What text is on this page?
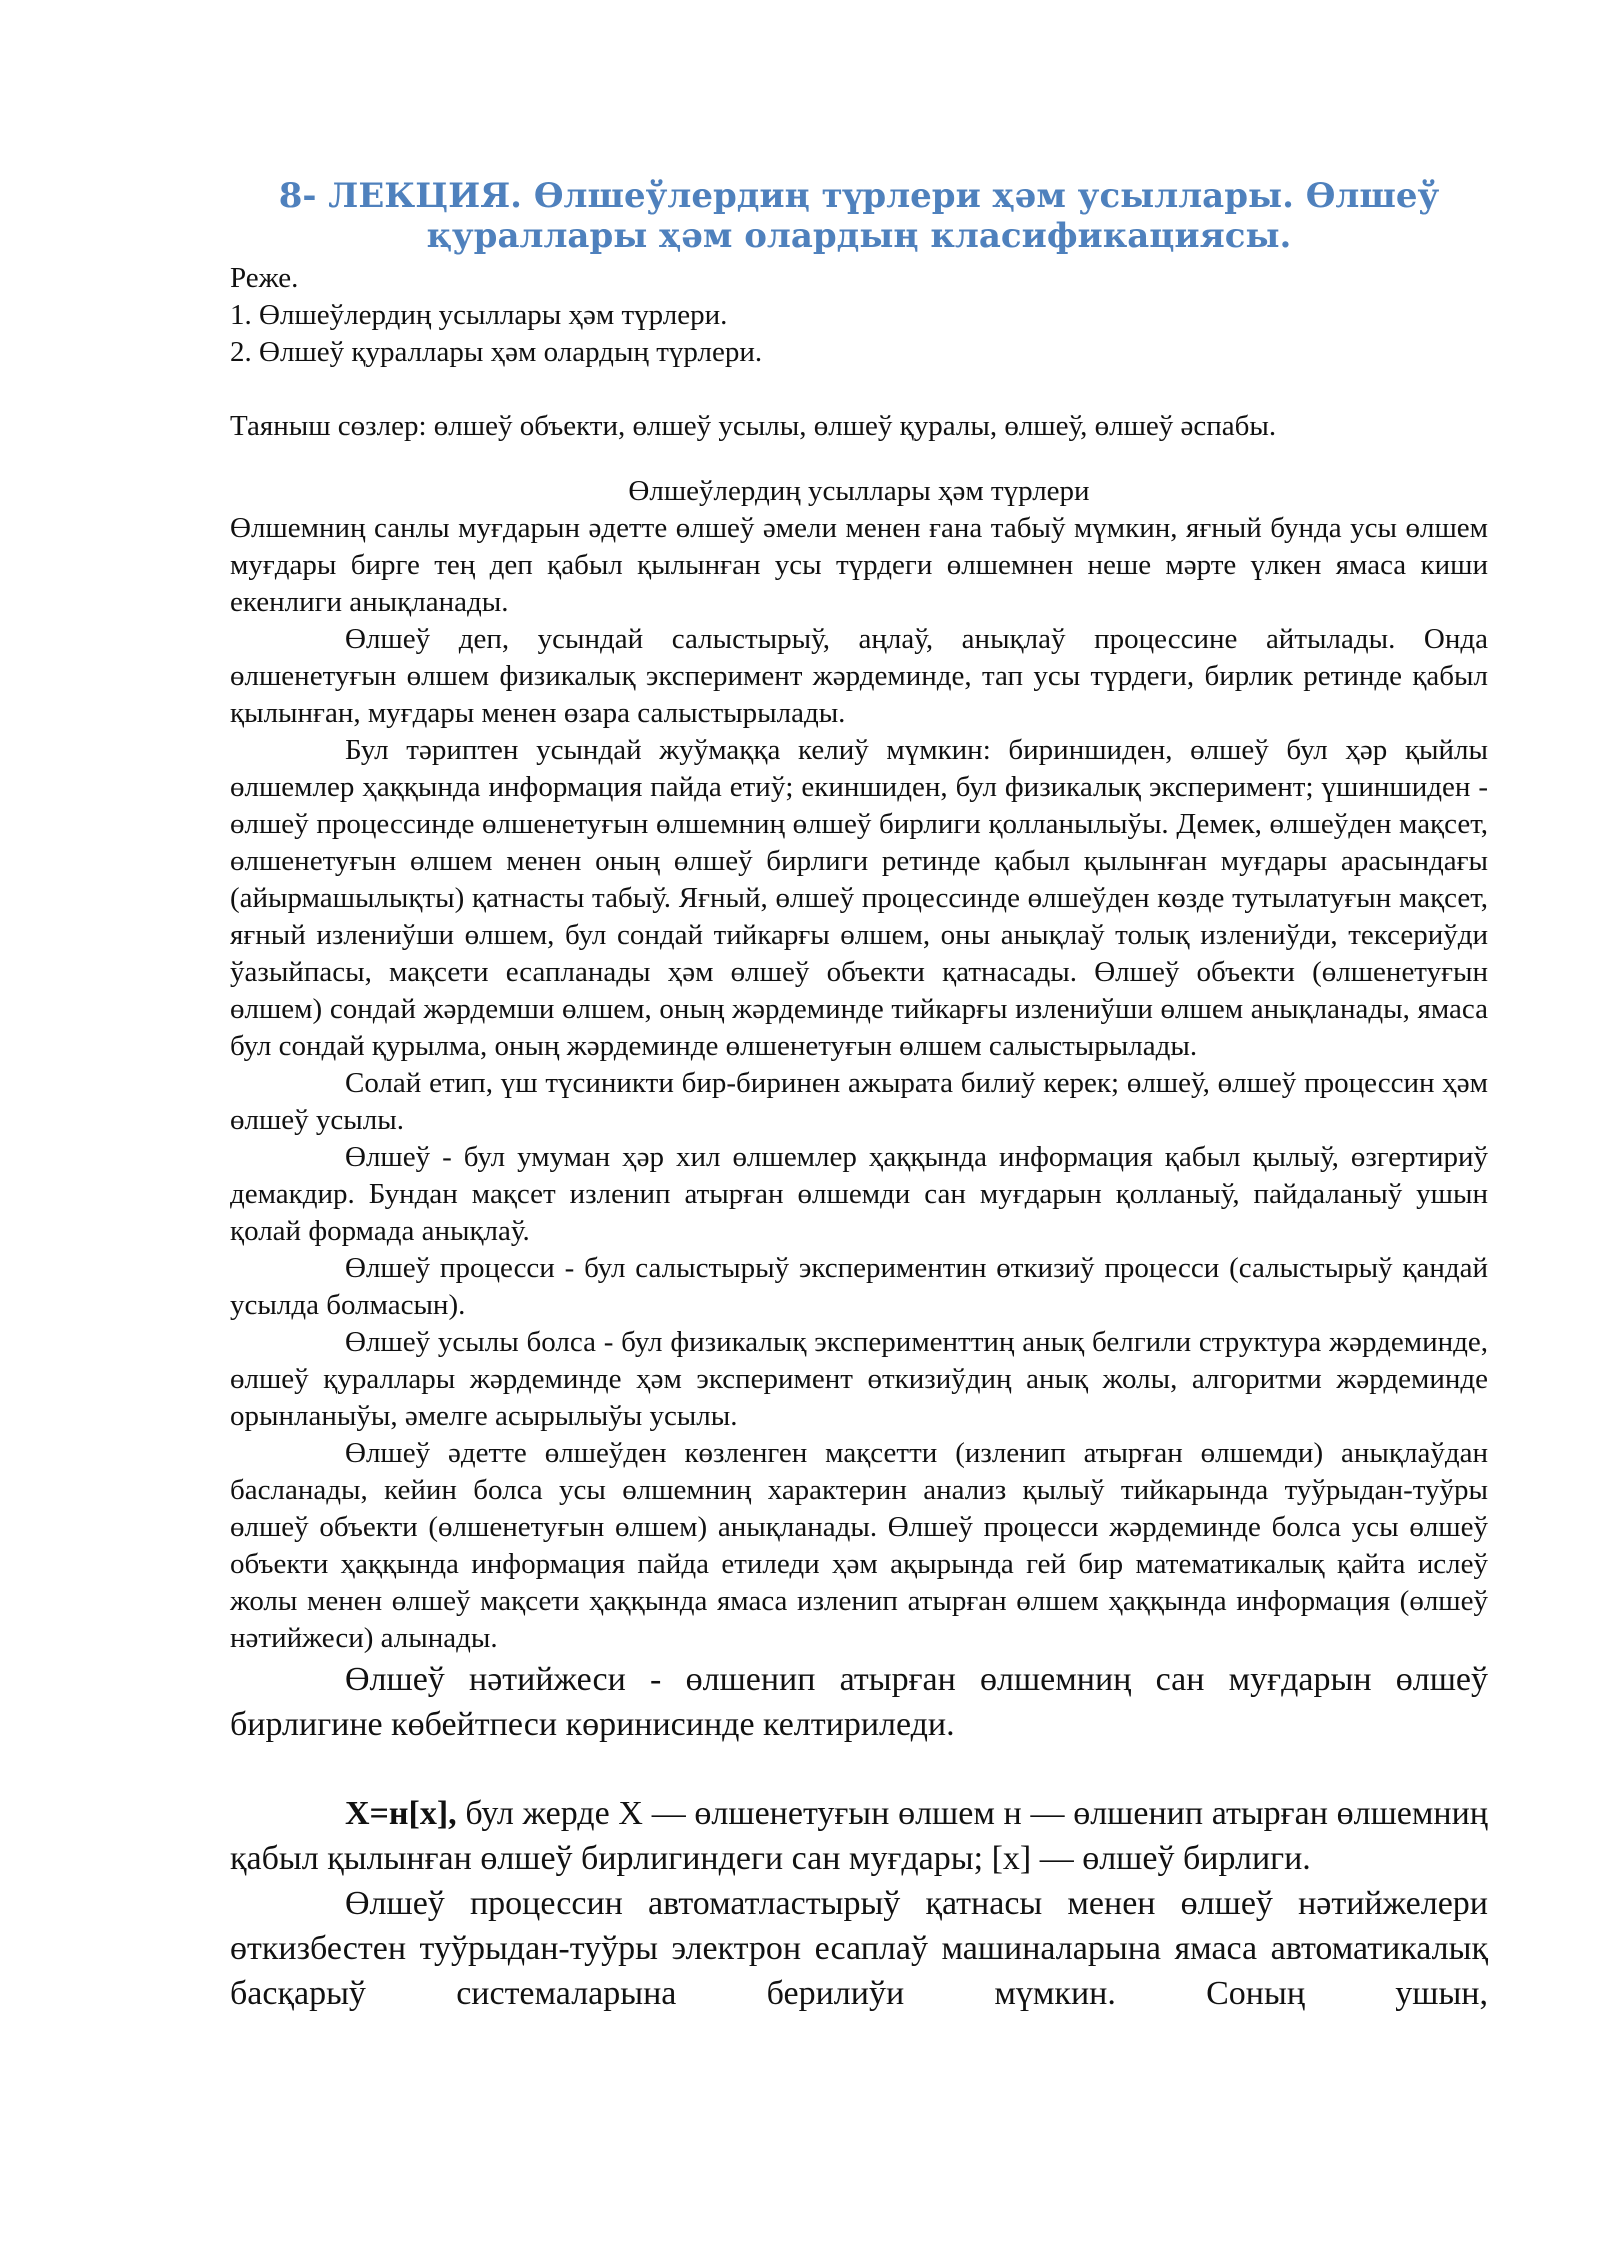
8- ЛЕКЦИЯ. Өлшеўлердиң түрлери ҳәм усыллары. Өлшеў
қураллары ҳәм олардың класификациясы.
Реже.
1. Өлшеўлердиң усыллары ҳәм түрлери.
2. Өлшеў қураллары ҳәм олардың түрлери.

Таяныш сөзлер: өлшеў объекти, өлшеў усылы, өлшеў қуралы, өлшеў, өлшеў әспабы.

Өлшеўлердиң усыллары ҳәм түрлери

Өлшемниң санлы муғдарын әдетте өлшеў әмели менен ғана табыў мүмкин, яғный бунда усы өлшем муғдары бирге тең деп қабыл қылынған усы түрдеги өлшемнен неше мәрте үлкен ямаса киши екенлиги анықланады.

Өлшеў деп, усындай салыстырыў, аңлаў, анықлаў процессине айтылады. Онда өлшенетуғын өлшем физикалық эксперимент жәрдеминде, тап усы түрдеги, бирлик ретинде қабыл қылынған, муғдары менен өзара салыстырылады.

Бул тәриптен усындай жуўмаққа келиў мүмкин: бириншиден, өлшеў бул ҳәр қыйлы өлшемлер ҳаққында информация пайда етиў; екиншиден, бул физикалық эксперимент; үшиншиден - өлшеў процессинде өлшенетуғын өлшемниң өлшеў бирлиги қолланылыўы. Демек, өлшеўден мақсет, өлшенетуғын өлшем менен оның өлшеў бирлиги ретинде қабыл қылынған муғдары арасындағы (айырмашылықты) қатнасты табыў. Яғный, өлшеў процессинде өлшеўден көзде тутылатуғын мақсет, яғный излениўши өлшем, бул сондай тийкарғы өлшем, оны анықлаў толық излениўди, тексериўди ўазыйпасы, мақсети есапланады ҳәм өлшеў объекти қатнасады. Өлшеў объекти (өлшенетуғын өлшем) сондай жәрдемши өлшем, оның жәрдеминде тийкарғы излениўши өлшем анықланады, ямаса бул сондай қурылма, оның жәрдеминде өлшенетуғын өлшем салыстырылады.

Солай етип, үш түсиникти бир-биринен ажырата билиў керек; өлшеў, өлшеў процессин ҳәм өлшеў усылы.

Өлшеў - бул умуман ҳәр хил өлшемлер ҳаққында информация қабыл қылыў, өзгертириў демакдир. Бундан мақсет изленип атырған өлшемди сан муғдарын қолланыў, пайдаланыў ушын қолай формада анықлаў.

Өлшеў процесси - бул салыстырыў экспериментин өткизиў процесси (салыстырыў қандай усылда болмасын).

Өлшеў усылы болса - бул физикалық эксперименттиң анық белгили структура жәрдеминде, өлшеў қураллары жәрдеминде ҳәм эксперимент өткизиўдиң анық жолы, алгоритми жәрдеминде орынланыўы, әмелге асырылыўы усылы.

Өлшеў әдетте өлшеўден көзленген мақсетти (изленип атырған өлшемди) анықлаўдан басланады, кейин болса усы өлшемниң характерин анализ қылыў тийкарында туўрыдан-туўры өлшеў объекти (өлшенетуғын өлшем) анықланады. Өлшеў процесси жәрдеминде болса усы өлшеў объекти ҳаққында информация пайда етиледи ҳәм ақырында гей бир математикалық қайта ислеў жолы менен өлшеў мақсети ҳаққында ямаса изленип атырған өлшем ҳаққында информация (өлшеў нәтийжеси) алынады.

Өлшеў нәтийжеси - өлшенип атырған өлшемниң сан муғдарын өлшеў бирлигине көбейтпеси көринисинде келтириледи.

X=н[x], бул жерде X — өлшенетуғын өлшем н — өлшенип атырған өлшемниң қабыл қылынған өлшеў бирлигиндеги сан муғдары; [x] — өлшеў бирлиги.

Өлшеў процессин автоматластырыў қатнасы менен өлшеў нәтийжелери өткизбестен туўрыдан-туўры электрон есаплаў машиналарына ямаса автоматикалық басқарыў системаларына берилиўи мүмкин. Соның ушын,
